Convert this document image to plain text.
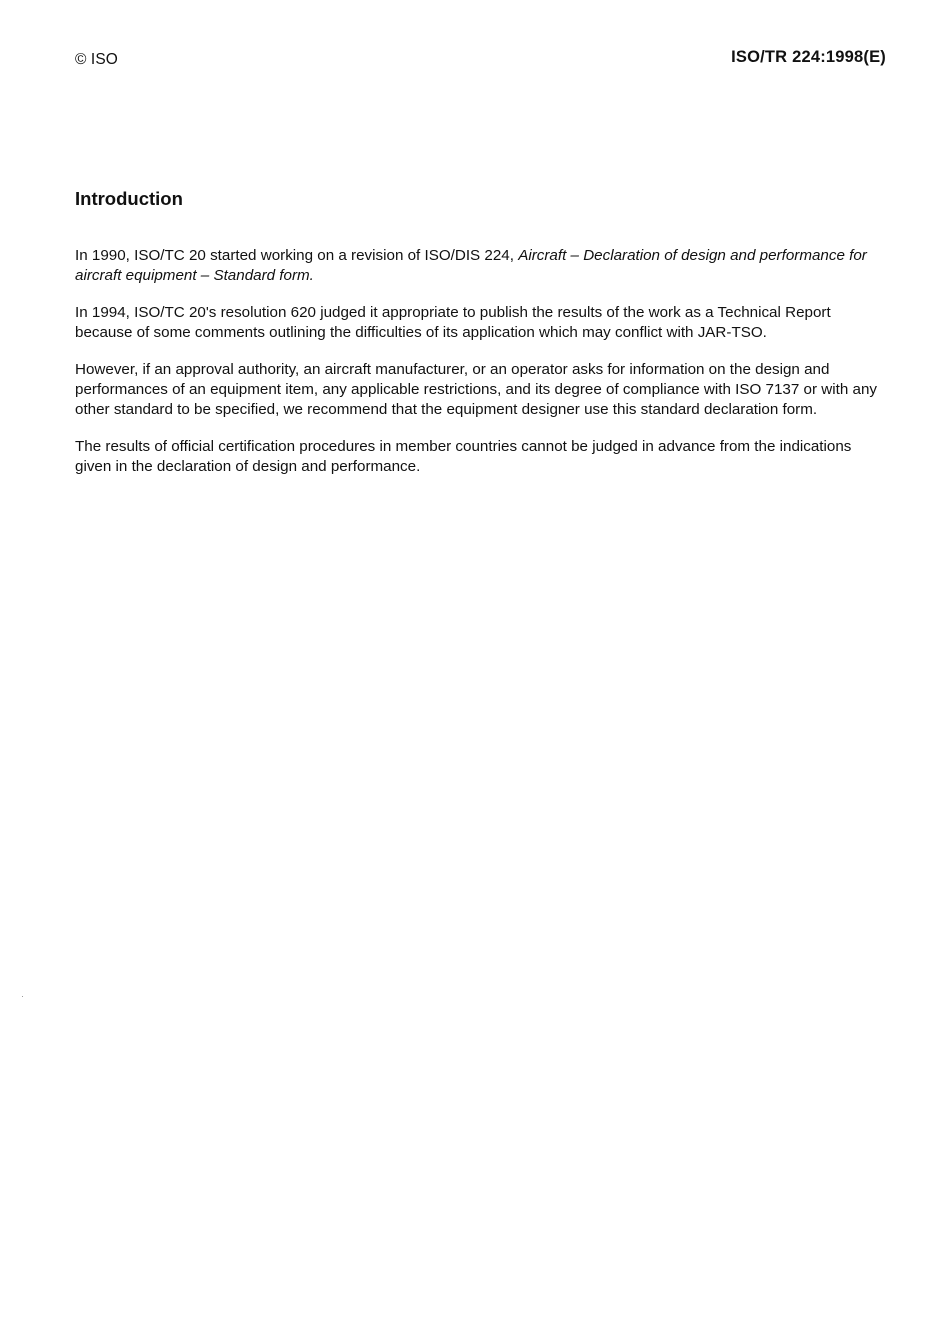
© ISO	ISO/TR 224:1998(E)
Introduction

In 1990, ISO/TC 20 started working on a revision of ISO/DIS 224, Aircraft – Declaration of design and performance for aircraft equipment – Standard form.

In 1994, ISO/TC 20's resolution 620 judged it appropriate to publish the results of the work as a Technical Report because of some comments outlining the difficulties of its application which may conflict with JAR-TSO.

However, if an approval authority, an aircraft manufacturer, or an operator asks for information on the design and performances of an equipment item, any applicable restrictions, and its degree of compliance with ISO 7137 or with any other standard to be specified, we recommend that the equipment designer use this standard declaration form.

The results of official certification procedures in member countries cannot be judged in advance from the indications given in the declaration of design and performance.
